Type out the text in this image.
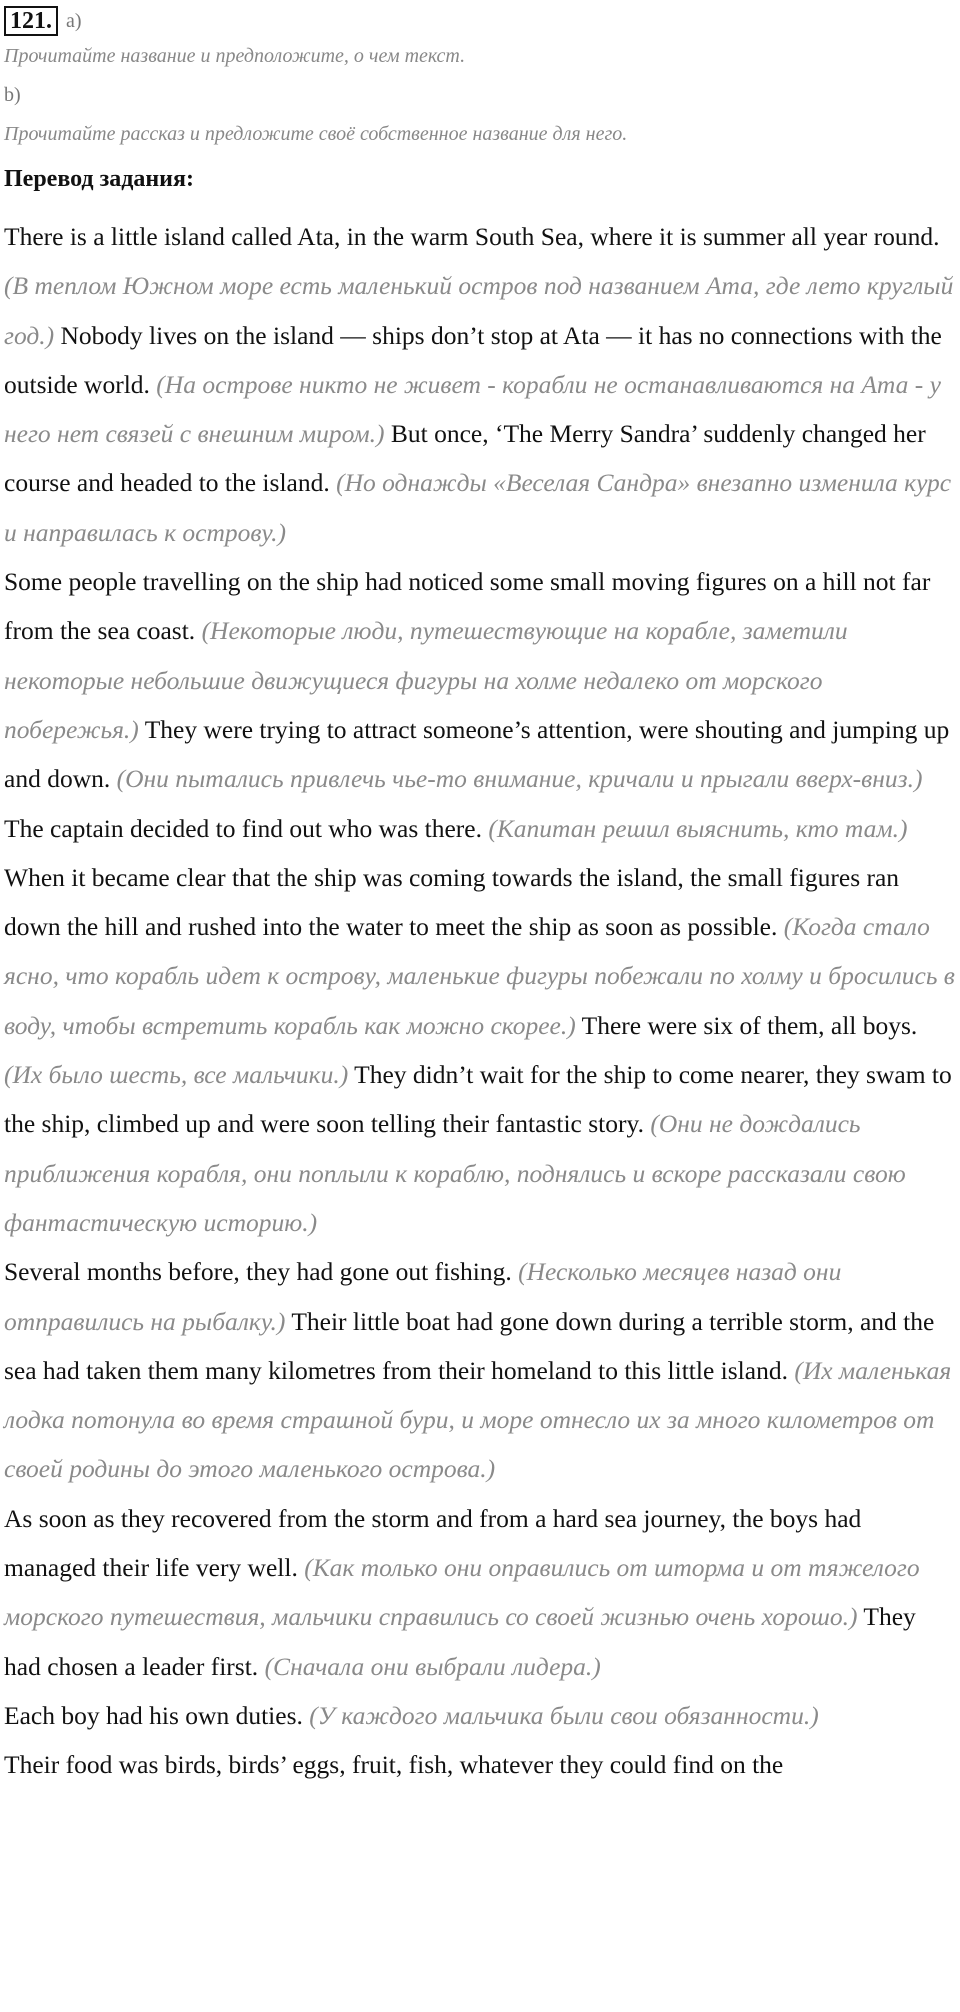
121. a)
Прочитайте название и предположите, о чем текст.
b)
Прочитайте рассказ и предложите своё собственное название для него.
Перевод задания:

There is a little island called Ata, in the warm South Sea, where it is summer all year round. (В теплом Южном море есть маленький остров под названием Ата, где лето круглый год.) Nobody lives on the island — ships don’t stop at Ata — it has no connections with the outside world. (На острове никто не живет - корабли не останавливаются на Ата - у него нет связей с внешним миром.) But once, ‘The Merry Sandra’ suddenly changed her course and headed to the island. (Но однажды «Веселая Сандра» внезапно изменила курс и направилась к острову.)

Some people travelling on the ship had noticed some small moving figures on a hill not far from the sea coast. (Некоторые люди, путешествующие на корабле, заметили некоторые небольшие движущиеся фигуры на холме недалеко от морского побережья.) They were trying to attract someone’s attention, were shouting and jumping up and down. (Они пытались привлечь чье-то внимание, кричали и прыгали вверх-вниз.)

The captain decided to find out who was there. (Капитан решил выяснить, кто там.) When it became clear that the ship was coming towards the island, the small figures ran down the hill and rushed into the water to meet the ship as soon as possible. (Когда стало ясно, что корабль идет к острову, маленькие фигуры побежали по холму и бросились в воду, чтобы встретить корабль как можно скорее.) There were six of them, all boys. (Их было шесть, все мальчики.) They didn’t wait for the ship to come nearer, they swam to the ship, climbed up and were soon telling their fantastic story. (Они не дождались приближения корабля, они поплыли к кораблю, поднялись и вскоре рассказали свою фантастическую историю.)

Several months before, they had gone out fishing. (Несколько месяцев назад они отправились на рыбалку.) Their little boat had gone down during a terrible storm, and the sea had taken them many kilometres from their homeland to this little island. (Их маленькая лодка потонула во время страшной бури, и море отнесло их за много километров от своей родины до этого маленького острова.)

As soon as they recovered from the storm and from a hard sea journey, the boys had managed their life very well. (Как только они оправились от шторма и от тяжелого морского путешествия, мальчики справились со своей жизнью очень хорошо.) They had chosen a leader first. (Сначала они выбрали лидера.)

Each boy had his own duties. (У каждого мальчика были свои обязанности.)

Their food was birds, birds’ eggs, fruit, fish, whatever they could find on the
